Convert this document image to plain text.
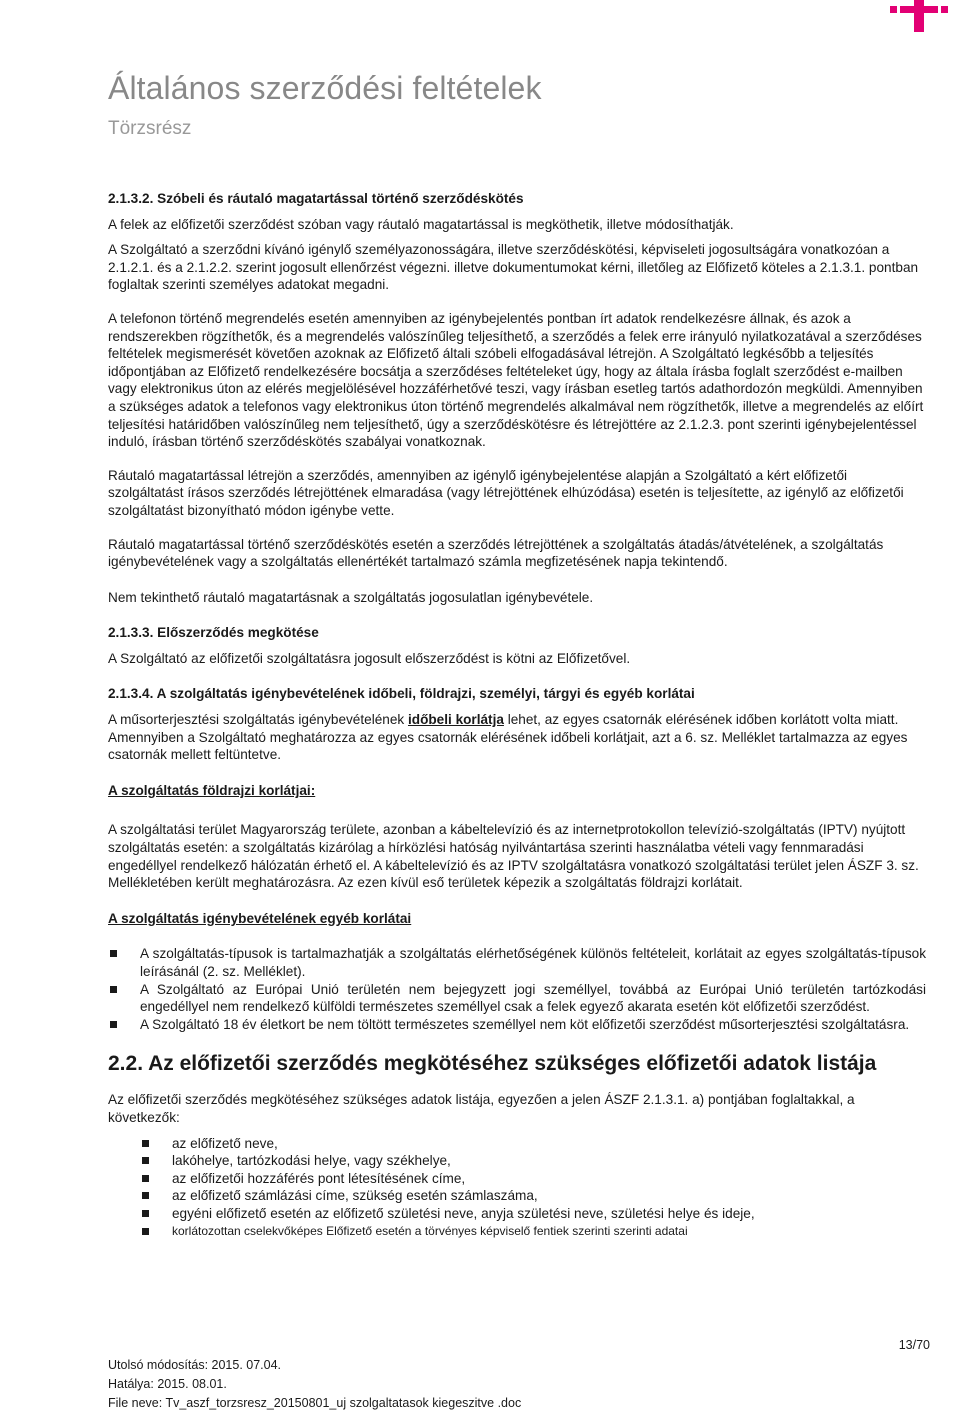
Általános szerződési feltételek
Törzsrész

2.1.3.2. Szóbeli és ráutaló magatartással történő szerződéskötés

A felek az előfizetői szerződést szóban vagy ráutaló magatartással is megköthetik, illetve módosíthatják.

A Szolgáltató a szerződni kívánó igénylő személyazonosságára, illetve szerződéskötési, képviseleti jogosultságára vonatkozóan a 2.1.2.1. és a 2.1.2.2. szerint jogosult ellenőrzést végezni. illetve dokumentumokat kérni, illetőleg az Előfizető köteles a 2.1.3.1. pontban foglaltak szerinti személyes adatokat megadni.

A telefonon történő megrendelés esetén amennyiben az igénybejelentés pontban írt adatok rendelkezésre állnak, és azok a rendszerekben rögzíthetők, és a megrendelés valószínűleg teljesíthető, a szerződés a felek erre irányuló nyilatkozatával a szerződéses feltételek megismerését követően azoknak az Előfizető általi szóbeli elfogadásával létrejön. A Szolgáltató legkésőbb a teljesítés időpontjában az Előfizető rendelkezésére bocsátja a szerződéses feltételeket úgy, hogy az általa írásba foglalt szerződést e-mailben vagy elektronikus úton az elérés megjelölésével hozzáférhetővé teszi, vagy írásban esetleg tartós adathordozón megküldi. Amennyiben a szükséges adatok a telefonos vagy elektronikus úton történő megrendelés alkalmával nem rögzíthetők, illetve a megrendelés az előírt teljesítési határidőben valószínűleg nem teljesíthető, úgy a szerződéskötésre és létrejöttére az 2.1.2.3. pont szerinti igénybejelentéssel induló, írásban történő szerződéskötés szabályai vonatkoznak.

Ráutaló magatartással létrejön a szerződés, amennyiben az igénylő igénybejelentése alapján a Szolgáltató a kért előfizetői szolgáltatást írásos szerződés létrejöttének elmaradása (vagy létrejöttének elhúzódása) esetén is teljesítette, az igénylő az előfizetői szolgáltatást bizonyítható módon igénybe vette.

Ráutaló magatartással történő szerződéskötés esetén a szerződés létrejöttének a szolgáltatás átadás/átvételének, a szolgáltatás igénybevételének vagy a szolgáltatás ellenértékét tartalmazó számla megfizetésének napja tekintendő.

Nem tekinthető ráutaló magatartásnak a szolgáltatás jogosulatlan igénybevétele.

2.1.3.3. Előszerződés megkötése

A Szolgáltató az előfizetői szolgáltatásra jogosult előszerződést is kötni az Előfizetővel.

2.1.3.4. A szolgáltatás igénybevételének időbeli, földrajzi, személyi, tárgyi és egyéb korlátai

A műsorterjesztési szolgáltatás igénybevételének időbeli korlátja lehet, az egyes csatornák elérésének időben korlátott volta miatt. Amennyiben a Szolgáltató meghatározza az egyes csatornák elérésének időbeli korlátjait, azt a 6. sz. Melléklet tartalmazza az egyes csatornák mellett feltüntetve.

A szolgáltatás földrajzi korlátjai:

A szolgáltatási terület Magyarország területe, azonban a kábeltelevízió és az internetprotokollon televízió-szolgáltatás (IPTV) nyújtott szolgáltatás esetén: a szolgáltatás kizárólag a hírközlési hatóság nyilvántartása szerinti használatba vételi vagy fennmaradási engedéllyel rendelkező hálózatán érhető el. A kábeltelevízió és az IPTV szolgáltatásra vonatkozó szolgáltatási terület jelen ÁSZF 3. sz. Mellékletében került meghatározásra. Az ezen kívül eső területek képezik a szolgáltatás földrajzi korlátait.

A szolgáltatás igénybevételének egyéb korlátai

A szolgáltatás-típusok is tartalmazhatják a szolgáltatás elérhetőségének különös feltételeit, korlátait az egyes szolgáltatás-típusok leírásánál (2. sz. Melléklet).
A Szolgáltató az Európai Unió területén nem bejegyzett jogi személlyel, továbbá az Európai Unió területén tartózkodási engedéllyel nem rendelkező külföldi természetes személlyel csak a felek egyező akarata esetén köt előfizetői szerződést.
A Szolgáltató 18 év életkort be nem töltött természetes személlyel nem köt előfizetői szerződést műsorterjesztési szolgáltatásra.

2.2. Az előfizetői szerződés megkötéséhez szükséges előfizetői adatok listája

Az előfizetői szerződés megkötéséhez szükséges adatok listája, egyezően a jelen ÁSZF 2.1.3.1. a) pontjában foglaltakkal, a következők:

az előfizető neve,
lakóhelye, tartózkodási helye, vagy székhelye,
az előfizetői hozzáférés pont létesítésének címe,
az előfizető számlázási címe, szükség esetén számlaszáma,
egyéni előfizető esetén az előfizető születési neve, anyja születési neve, születési helye és ideje,
korlátozottan cselekvőképes Előfizető esetén a törvényes képviselő fentiek szerinti szerinti adatai
13/70
Utolsó módosítás: 2015. 07.04.
Hatálya: 2015. 08.01.
File neve: Tv_aszf_torzsresz_20150801_uj szolgaltatasok kiegeszitve .doc
